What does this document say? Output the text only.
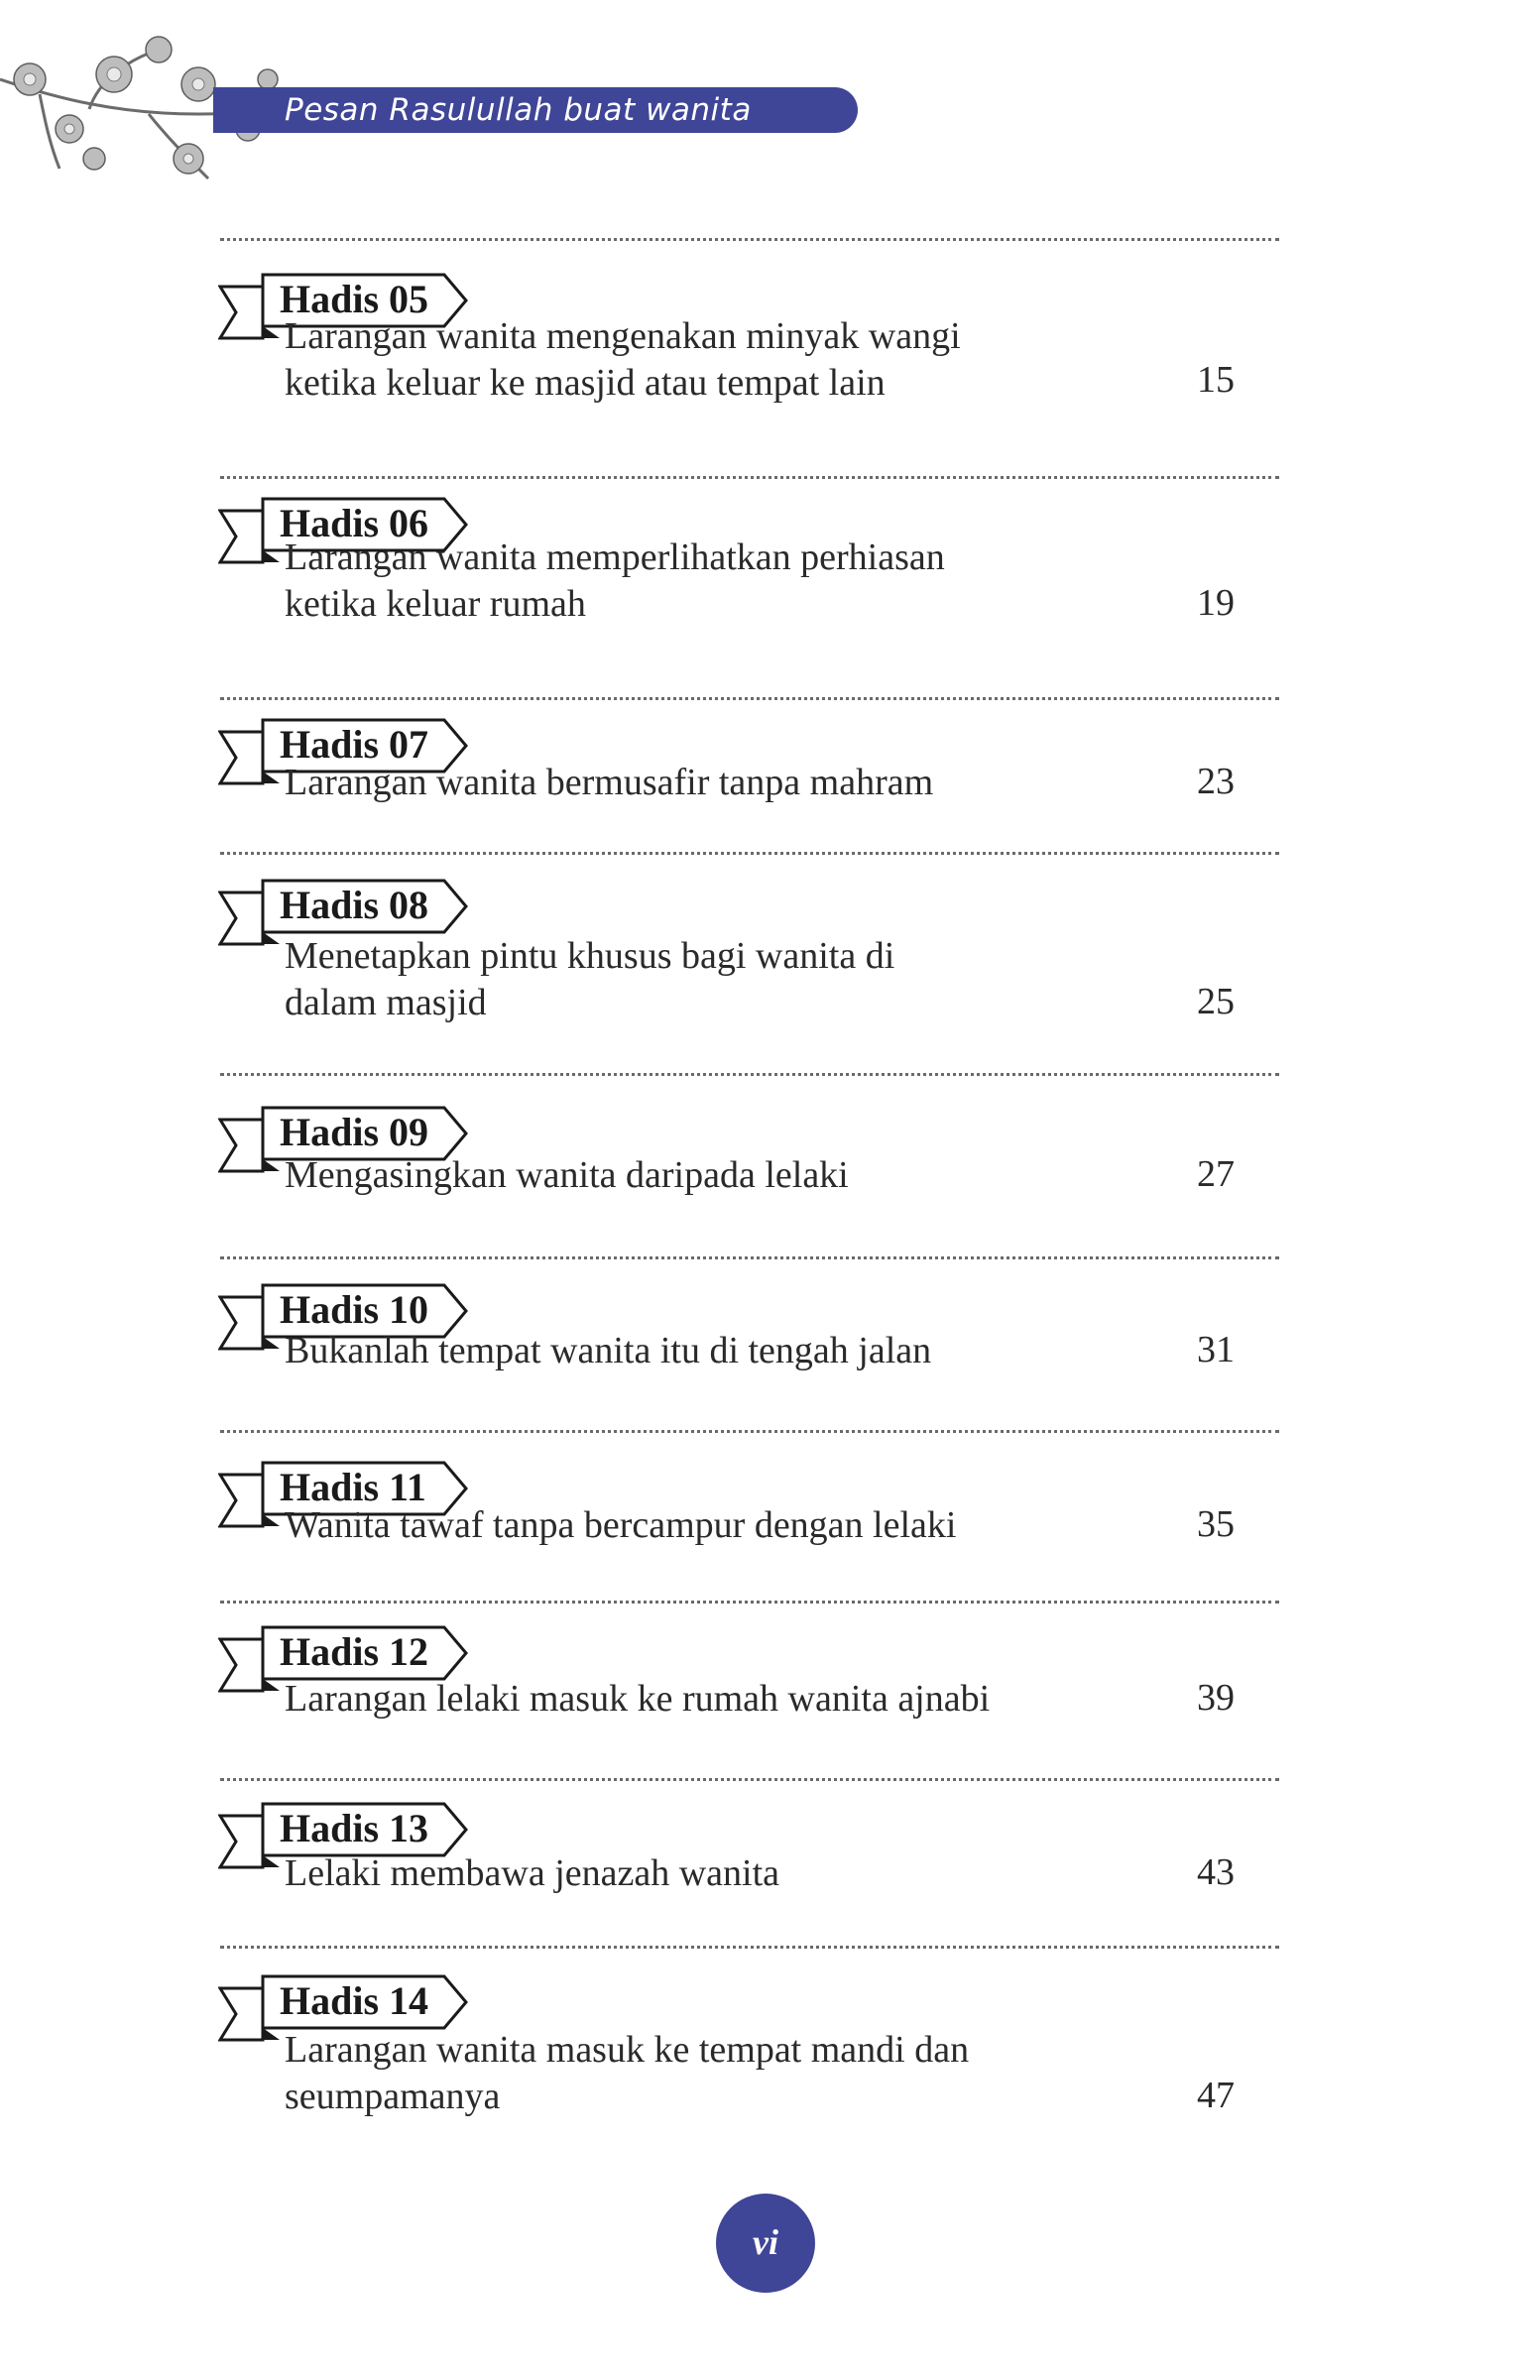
Pesan Rasulullah buat wanita
Hadis 05
Larangan wanita mengenakan minyak wangi
ketika keluar ke masjid atau tempat lain	15
Hadis 06
Larangan wanita memperlihatkan perhiasan
ketika keluar rumah	19
Hadis 07
Larangan wanita bermusafir tanpa mahram	23
Hadis 08
Menetapkan pintu khusus bagi wanita di
dalam masjid	25
Hadis 09
Mengasingkan wanita daripada lelaki	27
Hadis 10
Bukanlah tempat wanita itu di tengah jalan	31
Hadis 11
Wanita tawaf tanpa bercampur dengan lelaki	35
Hadis 12
Larangan lelaki masuk ke rumah wanita ajnabi	39
Hadis 13
Lelaki membawa jenazah wanita	43
Hadis 14
Larangan wanita masuk ke tempat mandi dan
seumpamanya	47
vi
